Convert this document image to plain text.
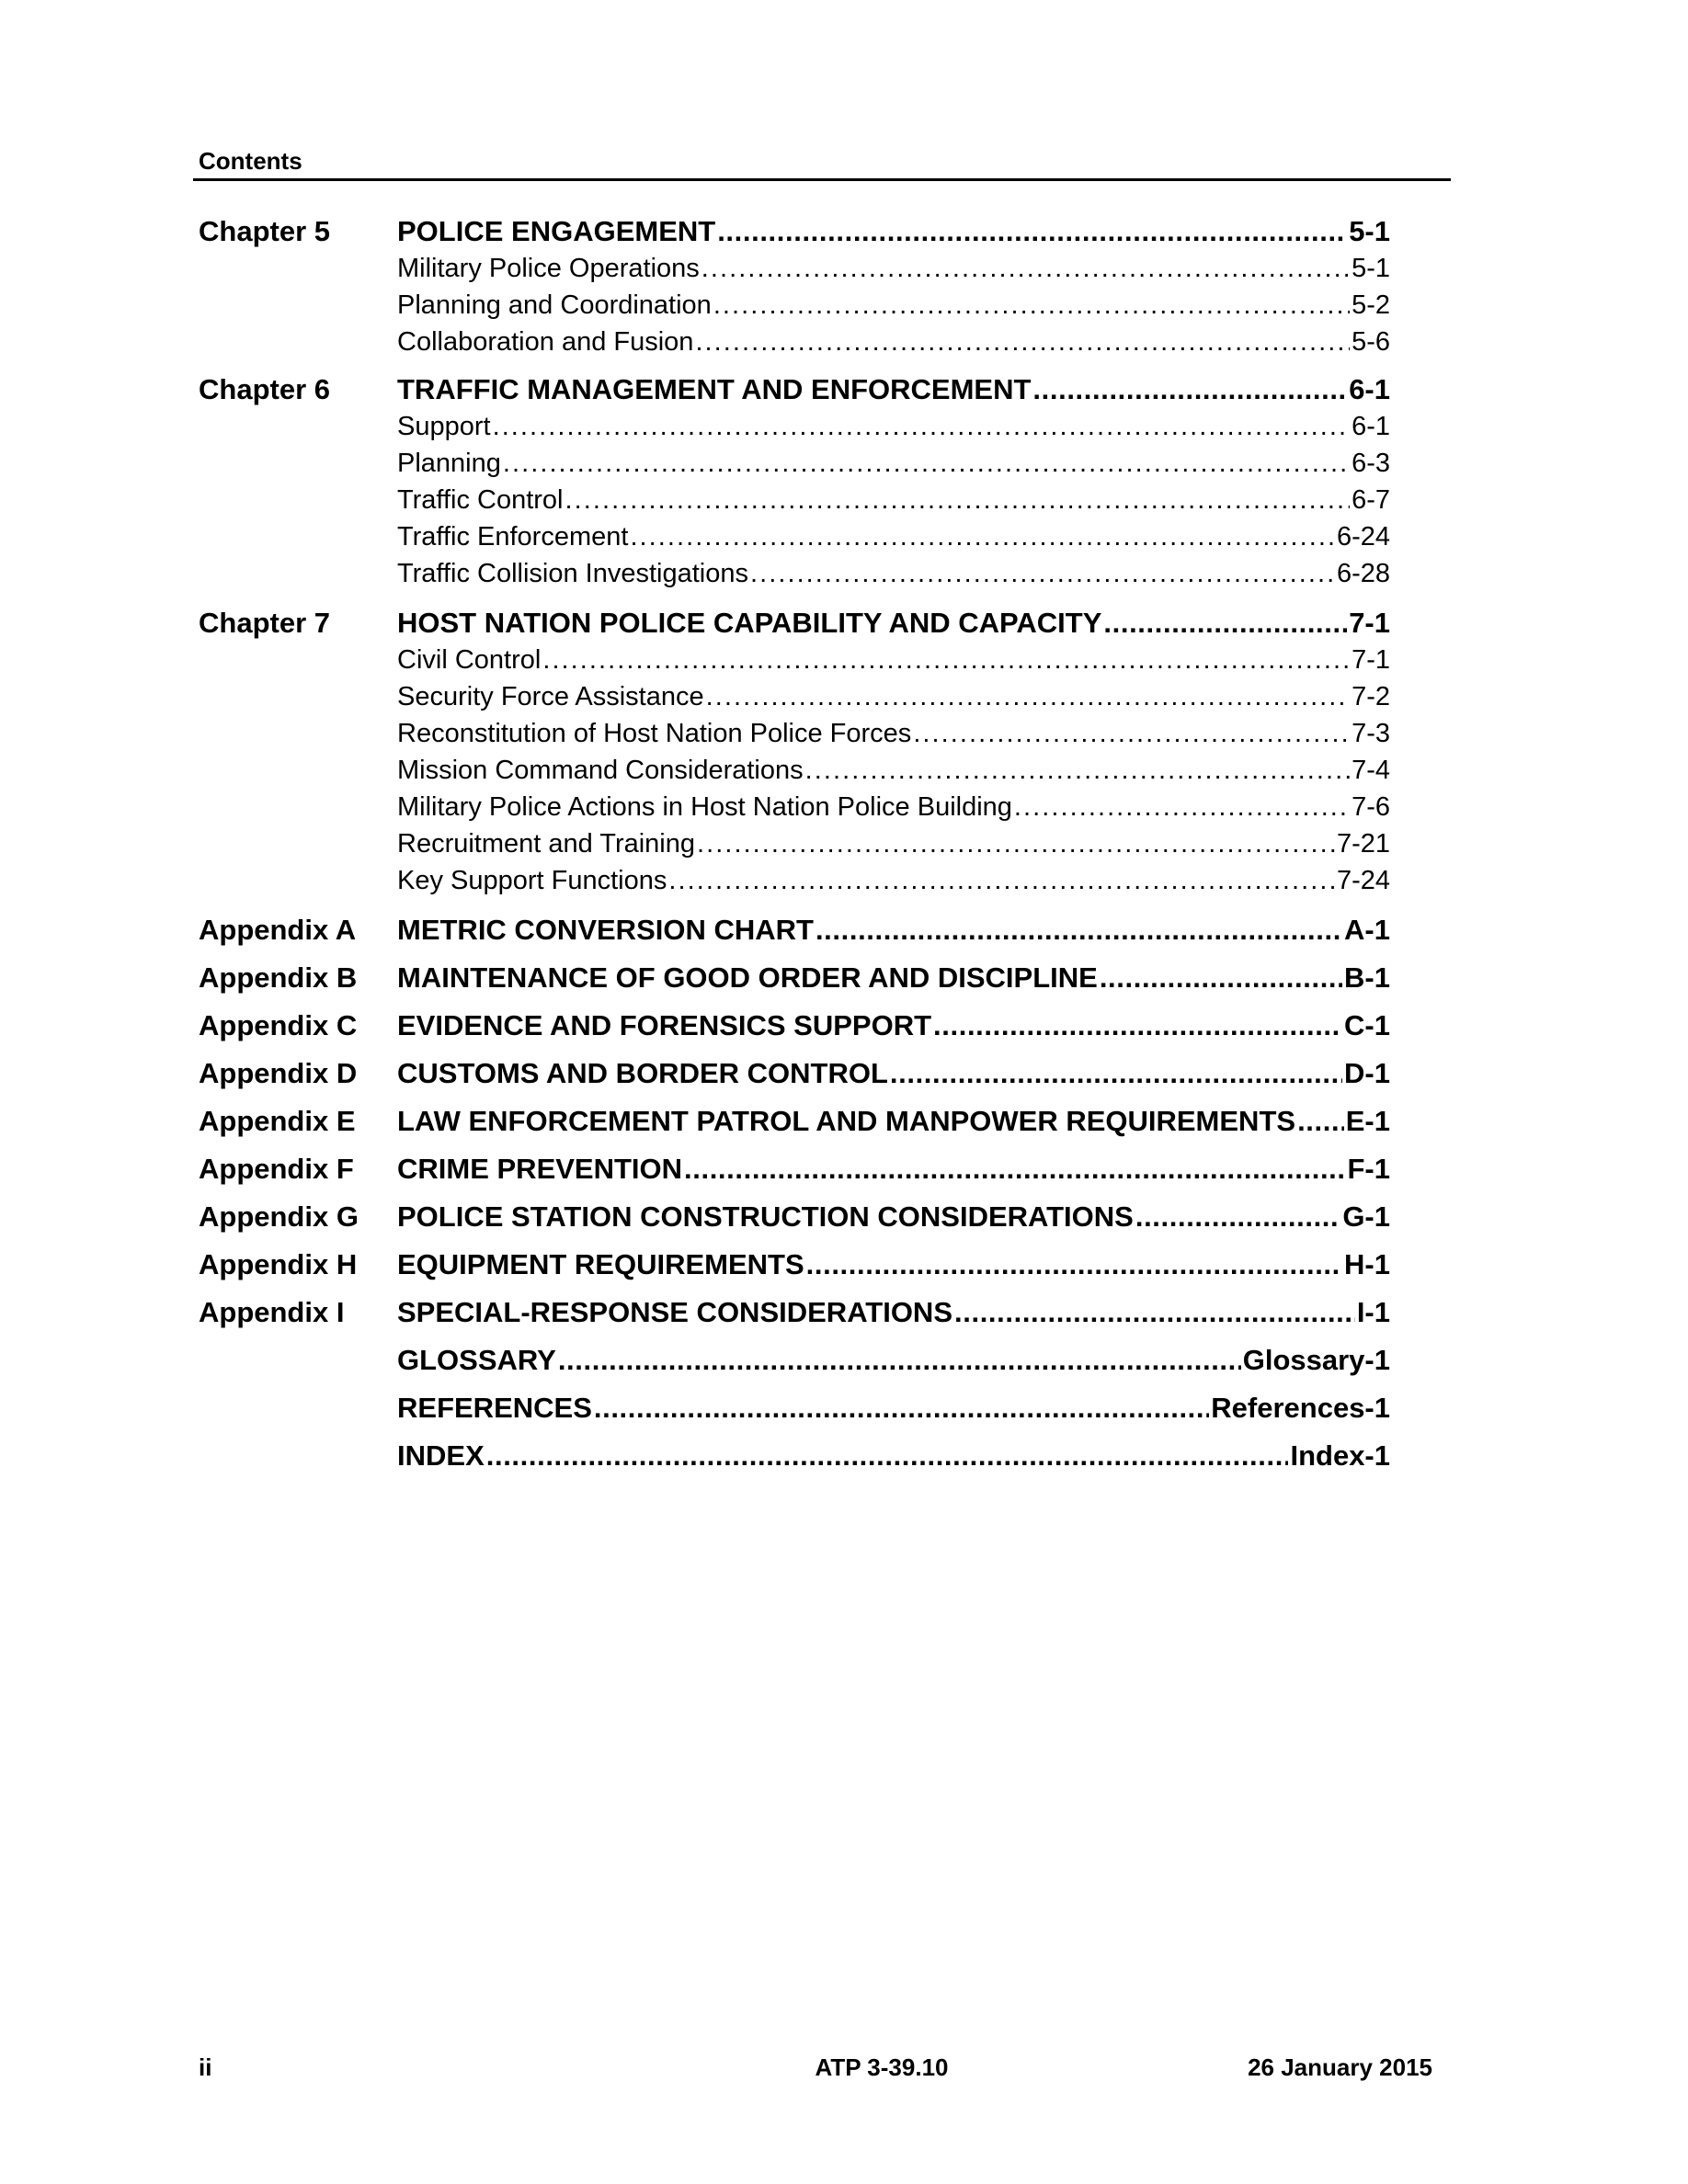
Contents
Chapter 5 POLICE ENGAGEMENT . . .	5-1
Military Police Operations . . .	5-1
Planning and Coordination . . .	5-2
Collaboration and Fusion . . .	5-6
Chapter 6 TRAFFIC MANAGEMENT AND ENFORCEMENT . . .	6-1
Support . . .	6-1
Planning . . .	6-3
Traffic Control . . .	6-7
Traffic Enforcement . . .	6-24
Traffic Collision Investigations . . .	6-28
Chapter 7 HOST NATION POLICE CAPABILITY AND CAPACITY . . .	7-1
Civil Control . . .	7-1
Security Force Assistance . . .	7-2
Reconstitution of Host Nation Police Forces . . .	7-3
Mission Command Considerations . . .	7-4
Military Police Actions in Host Nation Police Building . . .	7-6
Recruitment and Training . . .	7-21
Key Support Functions . . .	7-24
Appendix A METRIC CONVERSION CHART . . .	A-1
Appendix B MAINTENANCE OF GOOD ORDER AND DISCIPLINE . . .	B-1
Appendix C EVIDENCE AND FORENSICS SUPPORT . . .	C-1
Appendix D CUSTOMS AND BORDER CONTROL . . .	D-1
Appendix E LAW ENFORCEMENT PATROL AND MANPOWER REQUIREMENTS . . . E-1
Appendix F CRIME PREVENTION . . .	F-1
Appendix G POLICE STATION CONSTRUCTION CONSIDERATIONS . . .	G-1
Appendix H EQUIPMENT REQUIREMENTS . . .	H-1
Appendix I SPECIAL-RESPONSE CONSIDERATIONS . . .	I-1
GLOSSARY . . .	Glossary-1
REFERENCES . . .	References-1
INDEX . . .	Index-1
ii	ATP 3-39.10	26 January 2015
